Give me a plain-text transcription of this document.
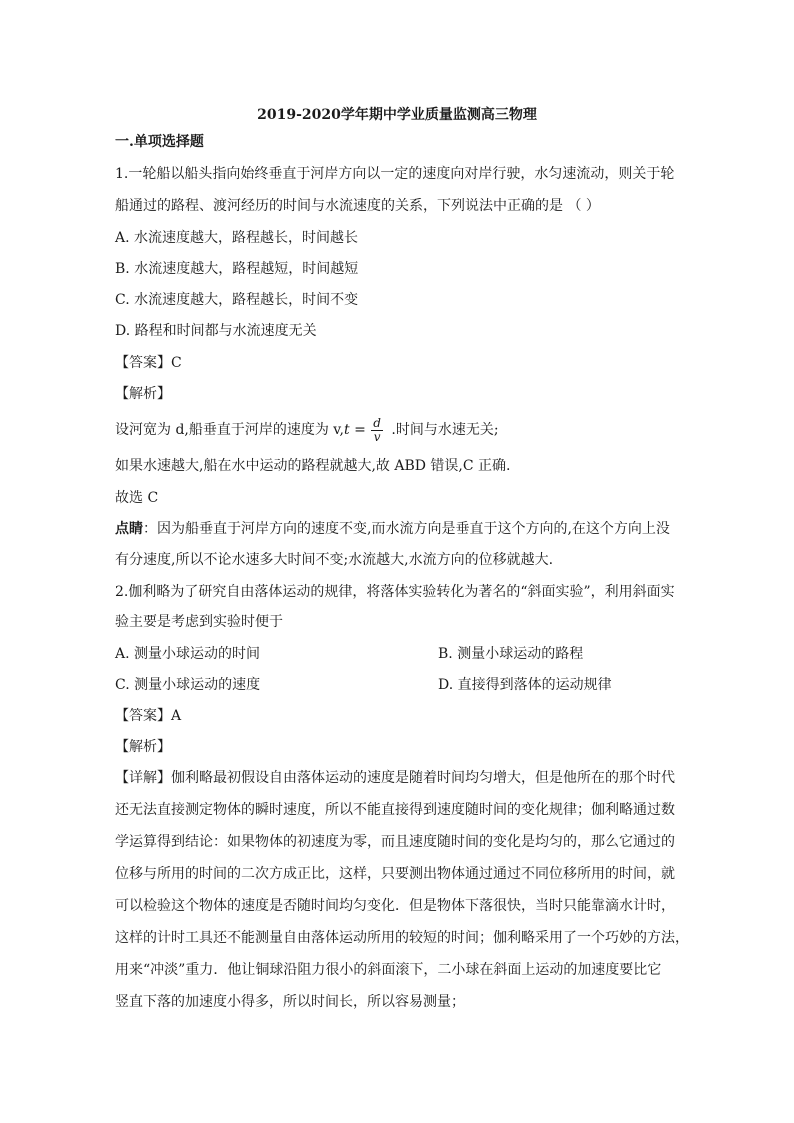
2019-2020学年期中学业质量监测高三物理
一.单项选择题
1.一轮船以船头指向始终垂直于河岸方向以一定的速度向对岸行驶，水匀速流动，则关于轮
船通过的路程、渡河经历的时间与水流速度的关系，下列说法中正确的是 （ ）
A. 水流速度越大，路程越长，时间越长
B. 水流速度越大，路程越短，时间越短
C. 水流速度越大，路程越长，时间不变
D. 路程和时间都与水流速度无关
【答案】C
【解析】
设河宽为 d,船垂直于河岸的速度为 $v,t = \frac{d}{v}$ .时间与水速无关;
如果水速越大,船在水中运动的路程就越大,故 ABD 错误,C 正确.
故选 C
点睛：因为船垂直于河岸方向的速度不变,而水流方向是垂直于这个方向的,在这个方向上没
有分速度,所以不论水速多大时间不变;水流越大,水流方向的位移就越大.
2.伽利略为了研究自由落体运动的规律，将落体实验转化为著名的“斜面实验”，利用斜面实
验主要是考虑到实验时便于
A. 测量小球运动的时间	B. 测量小球运动的路程
C. 测量小球运动的速度	D. 直接得到落体的运动规律
【答案】A
【解析】
【详解】伽利略最初假设自由落体运动的速度是随着时间均匀增大，但是他所在的那个时代
还无法直接测定物体的瞬时速度，所以不能直接得到速度随时间的变化规律；伽利略通过数
学运算得到结论：如果物体的初速度为零，而且速度随时间的变化是均匀的，那么它通过的
位移与所用的时间的二次方成正比，这样，只要测出物体通过通过不同位移所用的时间，就
可以检验这个物体的速度是否随时间均匀变化．但是物体下落很快，当时只能靠滴水计时，
这样的计时工具还不能测量自由落体运动所用的较短的时间；伽利略采用了一个巧妙的方法，
用来“冲淡”重力．他让铜球沿阻力很小的斜面滚下，二小球在斜面上运动的加速度要比它
竖直下落的加速度小得多，所以时间长，所以容易测量；
